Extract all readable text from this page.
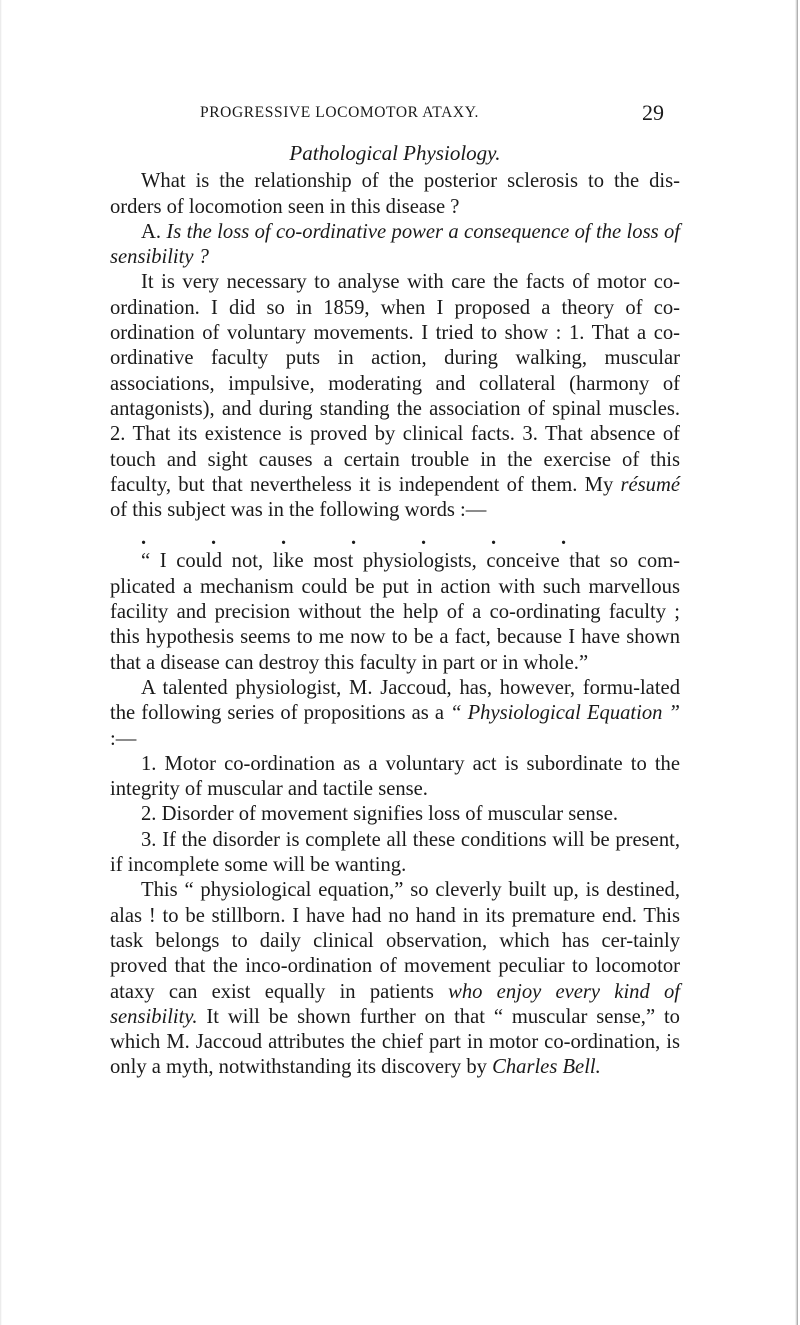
PROGRESSIVE LOCOMOTOR ATAXY.	29

Pathological Physiology.

What is the relationship of the posterior sclerosis to the dis-orders of locomotion seen in this disease ?

A. Is the loss of co-ordinative power a consequence of the loss of sensibility ?

It is very necessary to analyse with care the facts of motor co-ordination. I did so in 1859, when I proposed a theory of co-ordination of voluntary movements. I tried to show : 1. That a co-ordinative faculty puts in action, during walking, muscular associations, impulsive, moderating and collateral (harmony of antagonists), and during standing the association of spinal muscles. 2. That its existence is proved by clinical facts. 3. That absence of touch and sight causes a certain trouble in the exercise of this faculty, but that nevertheless it is independent of them. My résumé of this subject was in the following words :—

.	.	.	.	.	.	.

“ I could not, like most physiologists, conceive that so com-plicated a mechanism could be put in action with such marvellous facility and precision without the help of a co-ordinating faculty ; this hypothesis seems to me now to be a fact, because I have shown that a disease can destroy this faculty in part or in whole.”

A talented physiologist, M. Jaccoud, has, however, formu-lated the following series of propositions as a “ Physiological Equation ” :—

1. Motor co-ordination as a voluntary act is subordinate to the integrity of muscular and tactile sense.

2. Disorder of movement signifies loss of muscular sense.

3. If the disorder is complete all these conditions will be present, if incomplete some will be wanting.

This “ physiological equation,” so cleverly built up, is destined, alas ! to be stillborn. I have had no hand in its premature end. This task belongs to daily clinical observation, which has cer-tainly proved that the inco-ordination of movement peculiar to locomotor ataxy can exist equally in patients who enjoy every kind of sensibility. It will be shown further on that “ muscular sense,” to which M. Jaccoud attributes the chief part in motor co-ordination, is only a myth, notwithstanding its discovery by Charles Bell.
